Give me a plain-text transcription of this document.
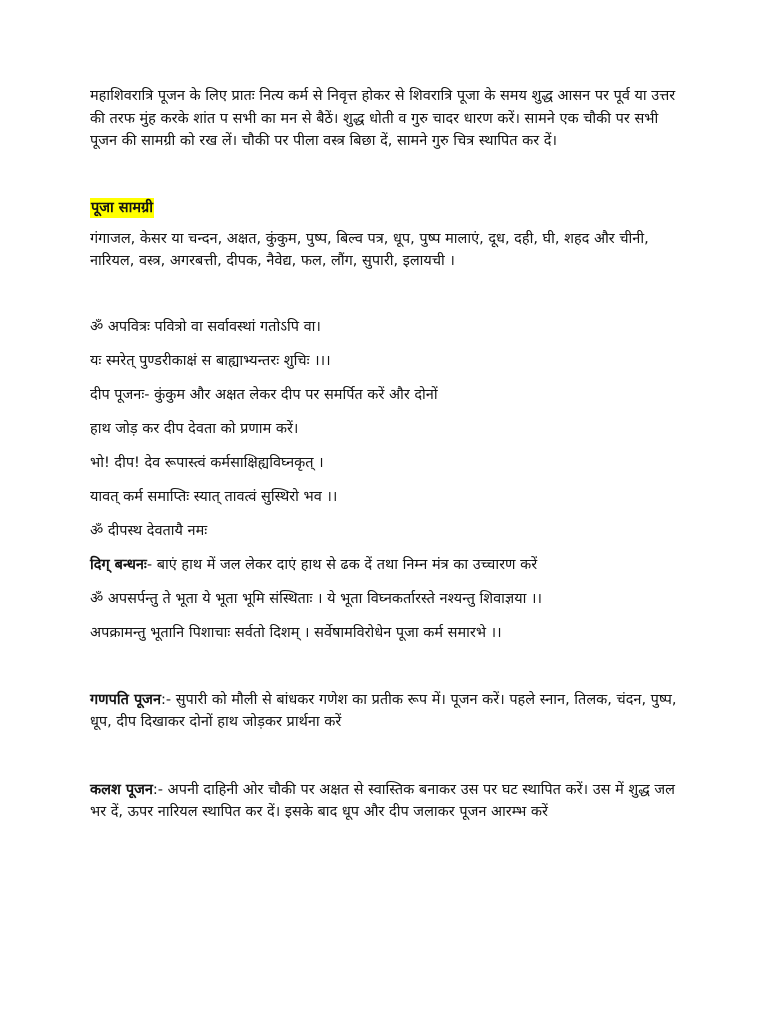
महाशिवरात्रि पूजन के लिए प्रातः नित्य कर्म से निवृत्त होकर से शिवरात्रि पूजा के समय शुद्ध आसन पर पूर्व या उत्तर की तरफ मुंह करके शांत प सभी का मन से बैठें। शुद्ध धोती व गुरु चादर धारण करें। सामने एक चौकी पर सभी पूजन की सामग्री को रख लें। चौकी पर पीला वस्त्र बिछा दें, सामने गुरु चित्र स्थापित कर दें।

पूजा सामग्री

गंगाजल, केसर या चन्दन, अक्षत, कुंकुम, पुष्प, बिल्व पत्र, धूप, पुष्प मालाएं, दूध, दही, घी, शहद और चीनी, नारियल, वस्त्र, अगरबत्ती, दीपक, नैवेद्य, फल, लौंग, सुपारी, इलायची ।

ॐ अपवित्रः पवित्रो वा सर्वावस्थां गतोऽपि वा।

यः स्मरेत् पुण्डरीकाक्षं स बाह्याभ्यन्तरः शुचिः ।।।

दीप पूजनः- कुंकुम और अक्षत लेकर दीप पर समर्पित करें और दोनों

हाथ जोड़ कर दीप देवता को प्रणाम करें।

भो! दीप! देव रूपास्त्वं कर्मसाक्षिह्यविघ्नकृत् ।

यावत् कर्म समाप्तिः स्यात् तावत्वं सुस्थिरो भव ।।

ॐ दीपस्थ देवतायै नमः

दिग् बन्धनः- बाएं हाथ में जल लेकर दाएं हाथ से ढक दें तथा निम्न मंत्र का उच्चारण करें

ॐ अपसर्पन्तु ते भूता ये भूता भूमि संस्थिताः । ये भूता विघ्नकर्तारस्ते नश्यन्तु शिवाज्ञया ।।

अपक्रामन्तु भूतानि पिशाचाः सर्वतो दिशम् । सर्वेषामविरोधेन पूजा कर्म समारभे ।।

गणपति पूजन:- सुपारी को मौली से बांधकर गणेश का प्रतीक रूप में। पूजन करें। पहले स्नान, तिलक, चंदन, पुष्प, धूप, दीप दिखाकर दोनों हाथ जोड़कर प्रार्थना करें

कलश पूजन:- अपनी दाहिनी ओर चौकी पर अक्षत से स्वास्तिक बनाकर उस पर घट स्थापित करें। उस में शुद्ध जल भर दें, ऊपर नारियल स्थापित कर दें। इसके बाद धूप और दीप जलाकर पूजन आरम्भ करें
